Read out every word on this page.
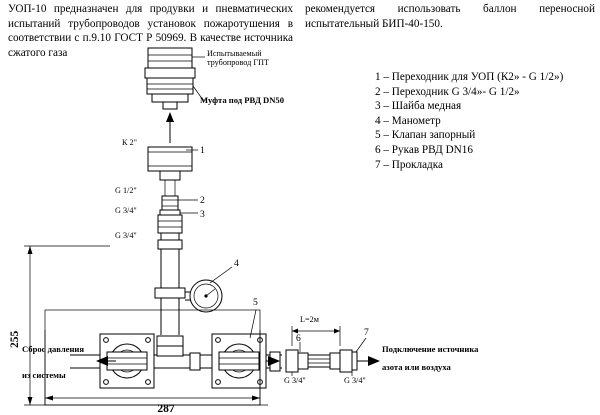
УОП-10 предназначен для продувки и пневматических испытаний трубопроводов установок пожаротушения в соответствии с п.9.10 ГОСТ Р 50969. В качестве источника сжатого газа
рекомендуется использовать баллон переносной испытательный БИП-40-150.
1 – Переходник для УОП (К2» - G 1/2»)
2 – Переходник G 3/4»- G 1/2»
3 – Шайба медная
4 – Манометр
5 – Клапан запорный
6 – Рукав РВД DN16
7 – Прокладка
Испытываемый
трубопровод ГПТ
Муфта под РВД DN50
К 2"
1
G 1/2"
G 3/4"
2
3
G 3/4"
4
5
Сброс давления
из системы
L=2м
6
7
G 3/4"	G 3/4"
Подключение источника
азота или воздуха
255
287
